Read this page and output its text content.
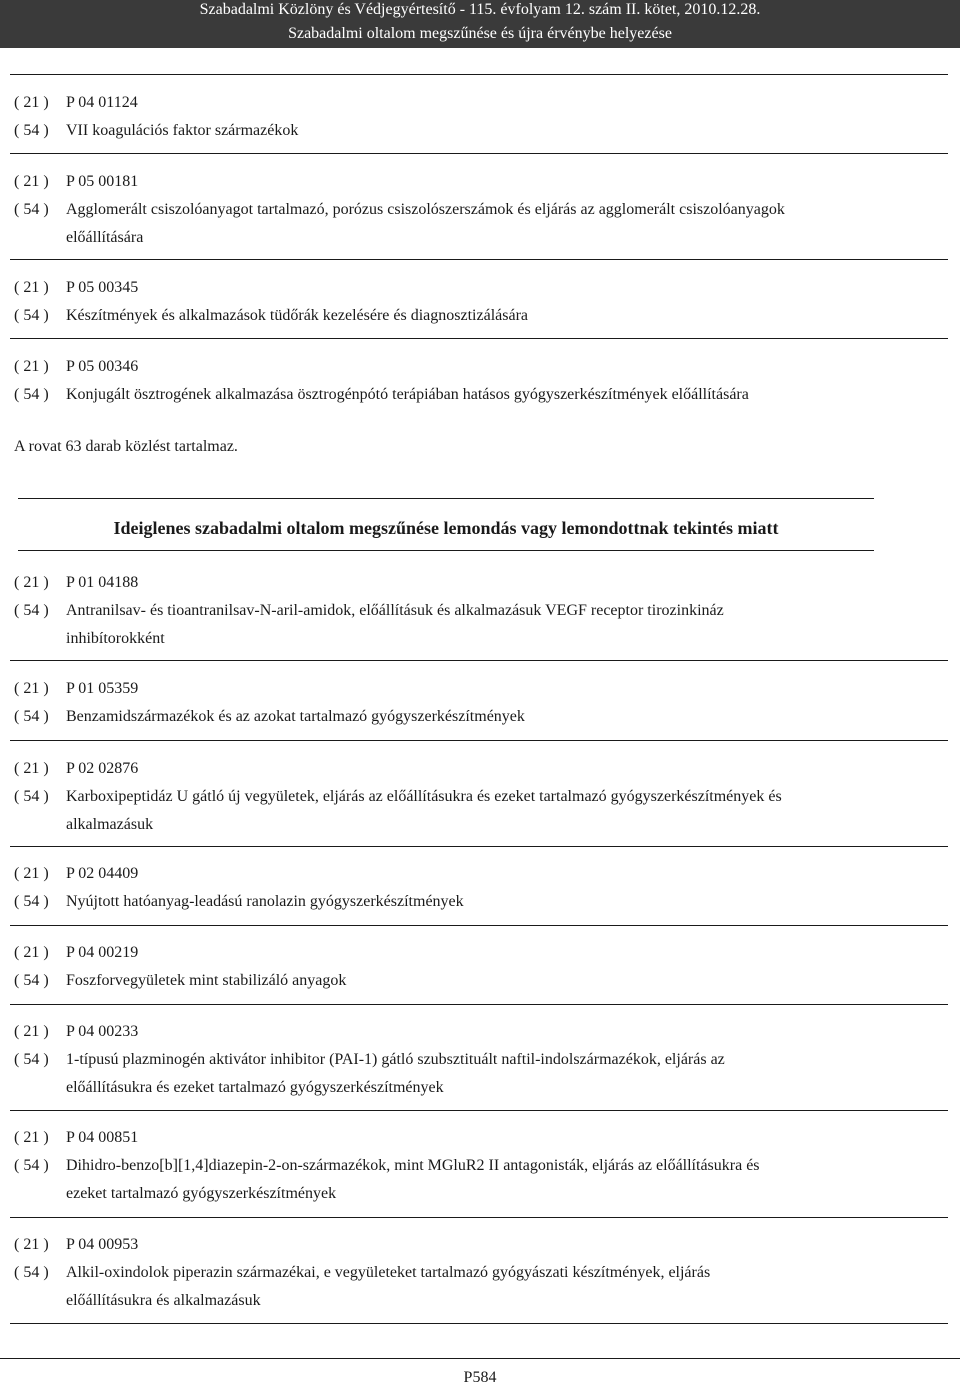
Szabadalmi Közlöny és Védjegyértesítő - 115. évfolyam 12. szám II. kötet, 2010.12.28.
Szabadalmi oltalom megszűnése és újra érvénybe helyezése
( 21 ) P 04 01124
( 54 ) VII koagulációs faktor származékok
( 21 ) P 05 00181
( 54 ) Agglomerált csiszolóanyagot tartalmazó, porózus csiszolószerszámok és eljárás az agglomerált csiszolóanyagok
előállítására
( 21 ) P 05 00345
( 54 ) Készítmények és alkalmazások tüdőrák kezelésére és diagnosztizálására
( 21 ) P 05 00346
( 54 ) Konjugált ösztrogének alkalmazása ösztrogénpótó terápiában hatásos gyógyszerkészítmények előállítására
A rovat 63 darab közlést tartalmaz.
Ideiglenes szabadalmi oltalom megszűnése lemondás vagy lemondottnak tekintés miatt
( 21 ) P 01 04188
( 54 ) Antranilsav- és tioantranilsav-N-aril-amidok, előállításuk és alkalmazásuk VEGF receptor tirozinkináz
inhibítorokként
( 21 ) P 01 05359
( 54 ) Benzamidszármazékok és az azokat tartalmazó gyógyszerkészítmények
( 21 ) P 02 02876
( 54 ) Karboxipeptidáz U gátló új vegyületek, eljárás az előállításukra és ezeket tartalmazó gyógyszerkészítmények és
alkalmazásuk
( 21 ) P 02 04409
( 54 ) Nyújtott hatóanyag-leadású ranolazin gyógyszerkészítmények
( 21 ) P 04 00219
( 54 ) Foszforvegyületek mint stabilizáló anyagok
( 21 ) P 04 00233
( 54 ) 1-típusú plazminogén aktivátor inhibitor (PAI-1) gátló szubsztituált naftil-indolszármazékok, eljárás az
előállításukra és ezeket tartalmazó gyógyszerkészítmények
( 21 ) P 04 00851
( 54 ) Dihidro-benzo[b][1,4]diazepin-2-on-származékok, mint MGluR2 II antagonisták, eljárás az előállításukra és
ezeket tartalmazó gyógyszerkészítmények
( 21 ) P 04 00953
( 54 ) Alkil-oxindolok piperazin származékai, e vegyületeket tartalmazó gyógyászati készítmények, eljárás
előállításukra és alkalmazásuk
P584
